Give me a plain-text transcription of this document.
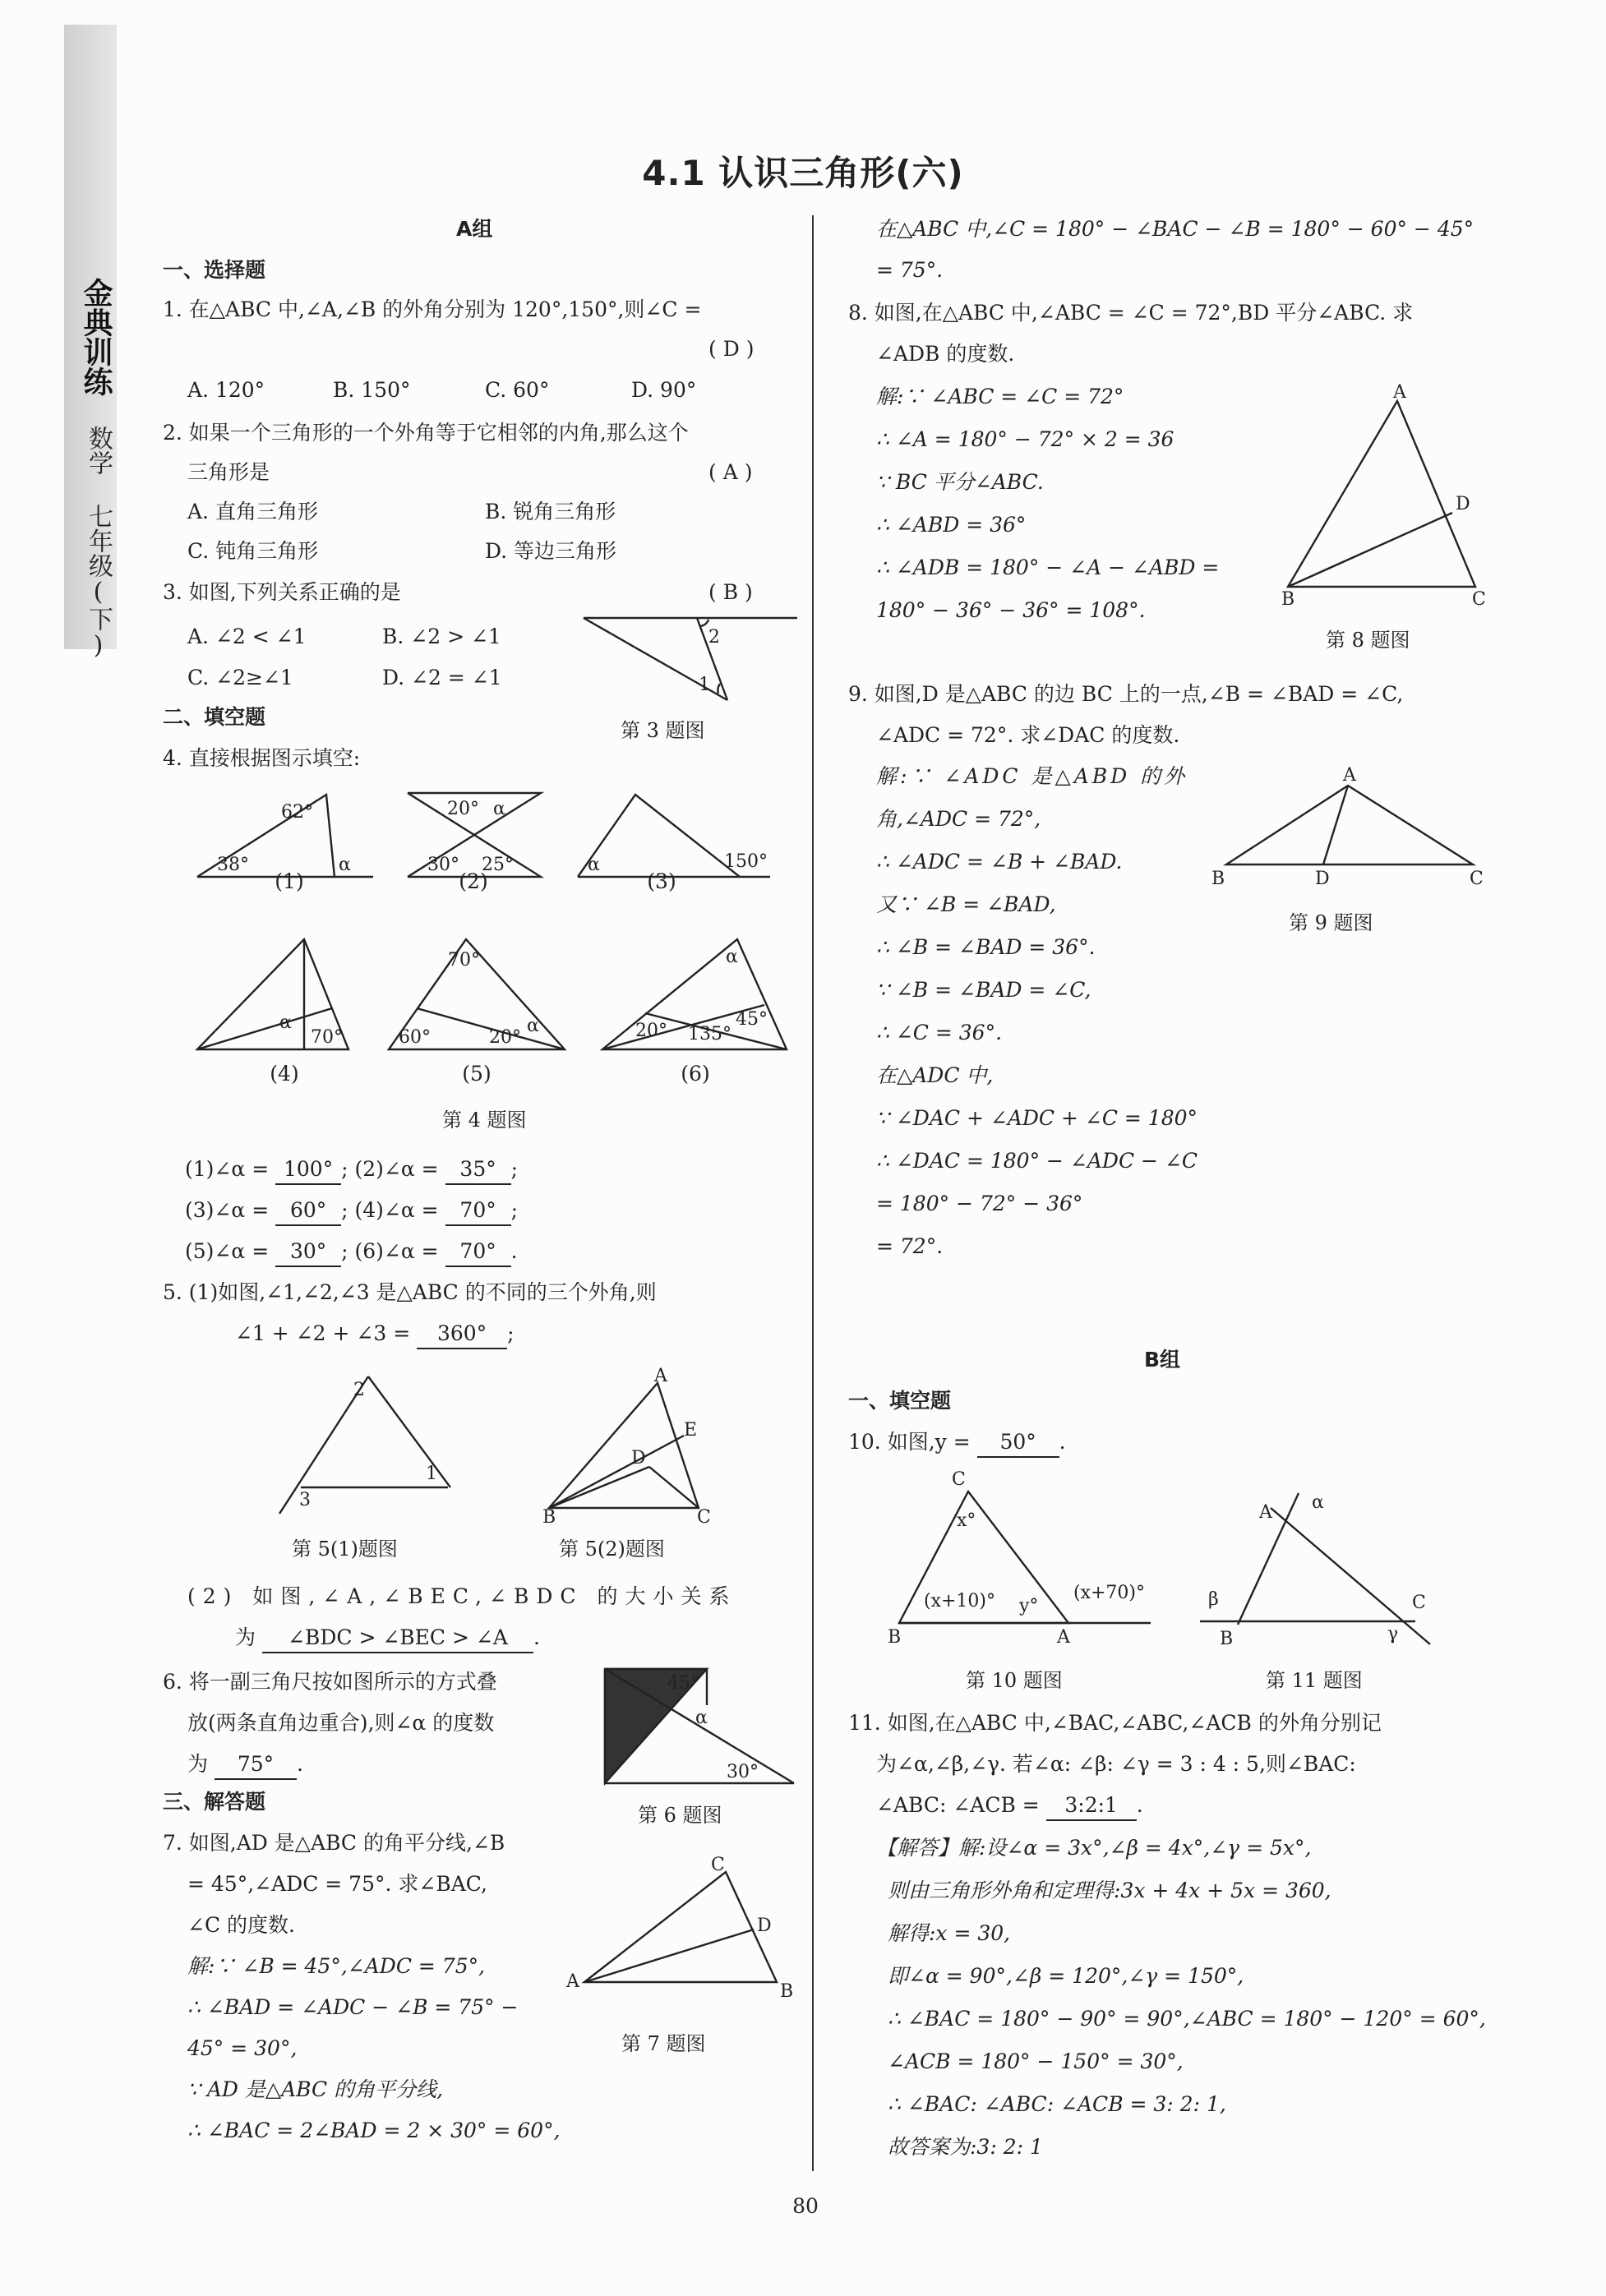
金典训练
数学 七年级(下)
4.1 认识三角形(六)
A组
一、选择题
1. 在△ABC 中,∠A,∠B 的外角分别为 120°,150°,则∠C =
( D )
A. 120°	B. 150°	C. 60°	D. 90°
2. 如果一个三角形的一个外角等于它相邻的内角,那么这个
三角形是	( A )
A. 直角三角形	B. 锐角三角形
C. 钝角三角形	D. 等边三角形
3. 如图,下列关系正确的是	( B )
A. ∠2 < ∠1	B. ∠2 > ∠1
C. ∠2≥∠1	D. ∠2 = ∠1	1
2
第 3 题图
二、填空题
4. 直接根据图示填空:
38°
62°
α
20° α
30° 25°	α	150°
(1)	(2)	(3)
α
70°
70°
60°	20°
α
α
20° 135°
45°
(4)	(5)	(6)
第 4 题图
(1)∠α = 100° ; (2)∠α = 35° ;
(3)∠α = 60° ; (4)∠α = 70° ;
(5)∠α = 30° ; (6)∠α = 70° .
5. (1)如图,∠1,∠2,∠3 是△ABC 的不同的三个外角,则
∠1 + ∠2 + ∠3 = 360° ;
2
1
3
A
D
E
B	C
第 5(1)题图	第 5(2)题图
(2) 如图,∠A,∠BEC,∠BDC 的大小关系
为 ∠BDC > ∠BEC > ∠A .
6. 将一副三角尺按如图所示的方式叠
放(两条直角边重合),则∠α 的度数
为 75° .
45°
α
30°
第 6 题图
三、解答题
7. 如图,AD 是△ABC 的角平分线,∠B
= 45°,∠ADC = 75°. 求∠BAC,
∠C 的度数.
解:∵ ∠B = 45°,∠ADC = 75°,
∴ ∠BAD = ∠ADC − ∠B = 75° −
45° = 30°,
∵ AD 是△ABC 的角平分线,
∴ ∠BAC = 2∠BAD = 2 × 30° = 60°,
C
D
A	B
第 7 题图
在△ABC 中,∠C = 180° − ∠BAC − ∠B = 180° − 60° − 45°
= 75°.
8. 如图,在△ABC 中,∠ABC = ∠C = 72°,BD 平分∠ABC. 求
∠ADB 的度数.
解:∵ ∠ABC = ∠C = 72°
∴ ∠A = 180° − 72° × 2 = 36
∵ BC 平分∠ABC.
∴ ∠ABD = 36°
∴ ∠ADB = 180° − ∠A − ∠ABD =
180° − 36° − 36° = 108°.
A
D
B	C
第 8 题图
9. 如图,D 是△ABC 的边 BC 上的一点,∠B = ∠BAD = ∠C,
∠ADC = 72°. 求∠DAC 的度数.
解:∵ ∠ADC 是△ABD 的外
角,∠ADC = 72°,
∴ ∠ADC = ∠B + ∠BAD.
又∵ ∠B = ∠BAD,
∴ ∠B = ∠BAD = 36°.
∵ ∠B = ∠BAD = ∠C,
∴ ∠C = 36°.
在△ADC 中,
∵ ∠DAC + ∠ADC + ∠C = 180°
∴ ∠DAC = 180° − ∠ADC − ∠C
= 180° − 72° − 36°
= 72°.
A
B	D	C
第 9 题图
B组
一、填空题
10. 如图,y = 50° .
C
x°
(x+10)° y°
(x+70)°
B	A
A α
β
B
C
γ
第 10 题图	第 11 题图
11. 如图,在△ABC 中,∠BAC,∠ABC,∠ACB 的外角分别记
为∠α,∠β,∠γ. 若∠α: ∠β: ∠γ = 3 : 4 : 5,则∠BAC:
∠ABC: ∠ACB = 3:2:1 .
【解答】解:设∠α = 3x°,∠β = 4x°,∠γ = 5x°,
则由三角形外角和定理得:3x + 4x + 5x = 360,
解得:x = 30,
即∠α = 90°,∠β = 120°,∠γ = 150°,
∴ ∠BAC = 180° − 90° = 90°,∠ABC = 180° − 120° = 60°,
∠ACB = 180° − 150° = 30°,
∴ ∠BAC: ∠ABC: ∠ACB = 3: 2: 1,
故答案为:3: 2: 1
80
